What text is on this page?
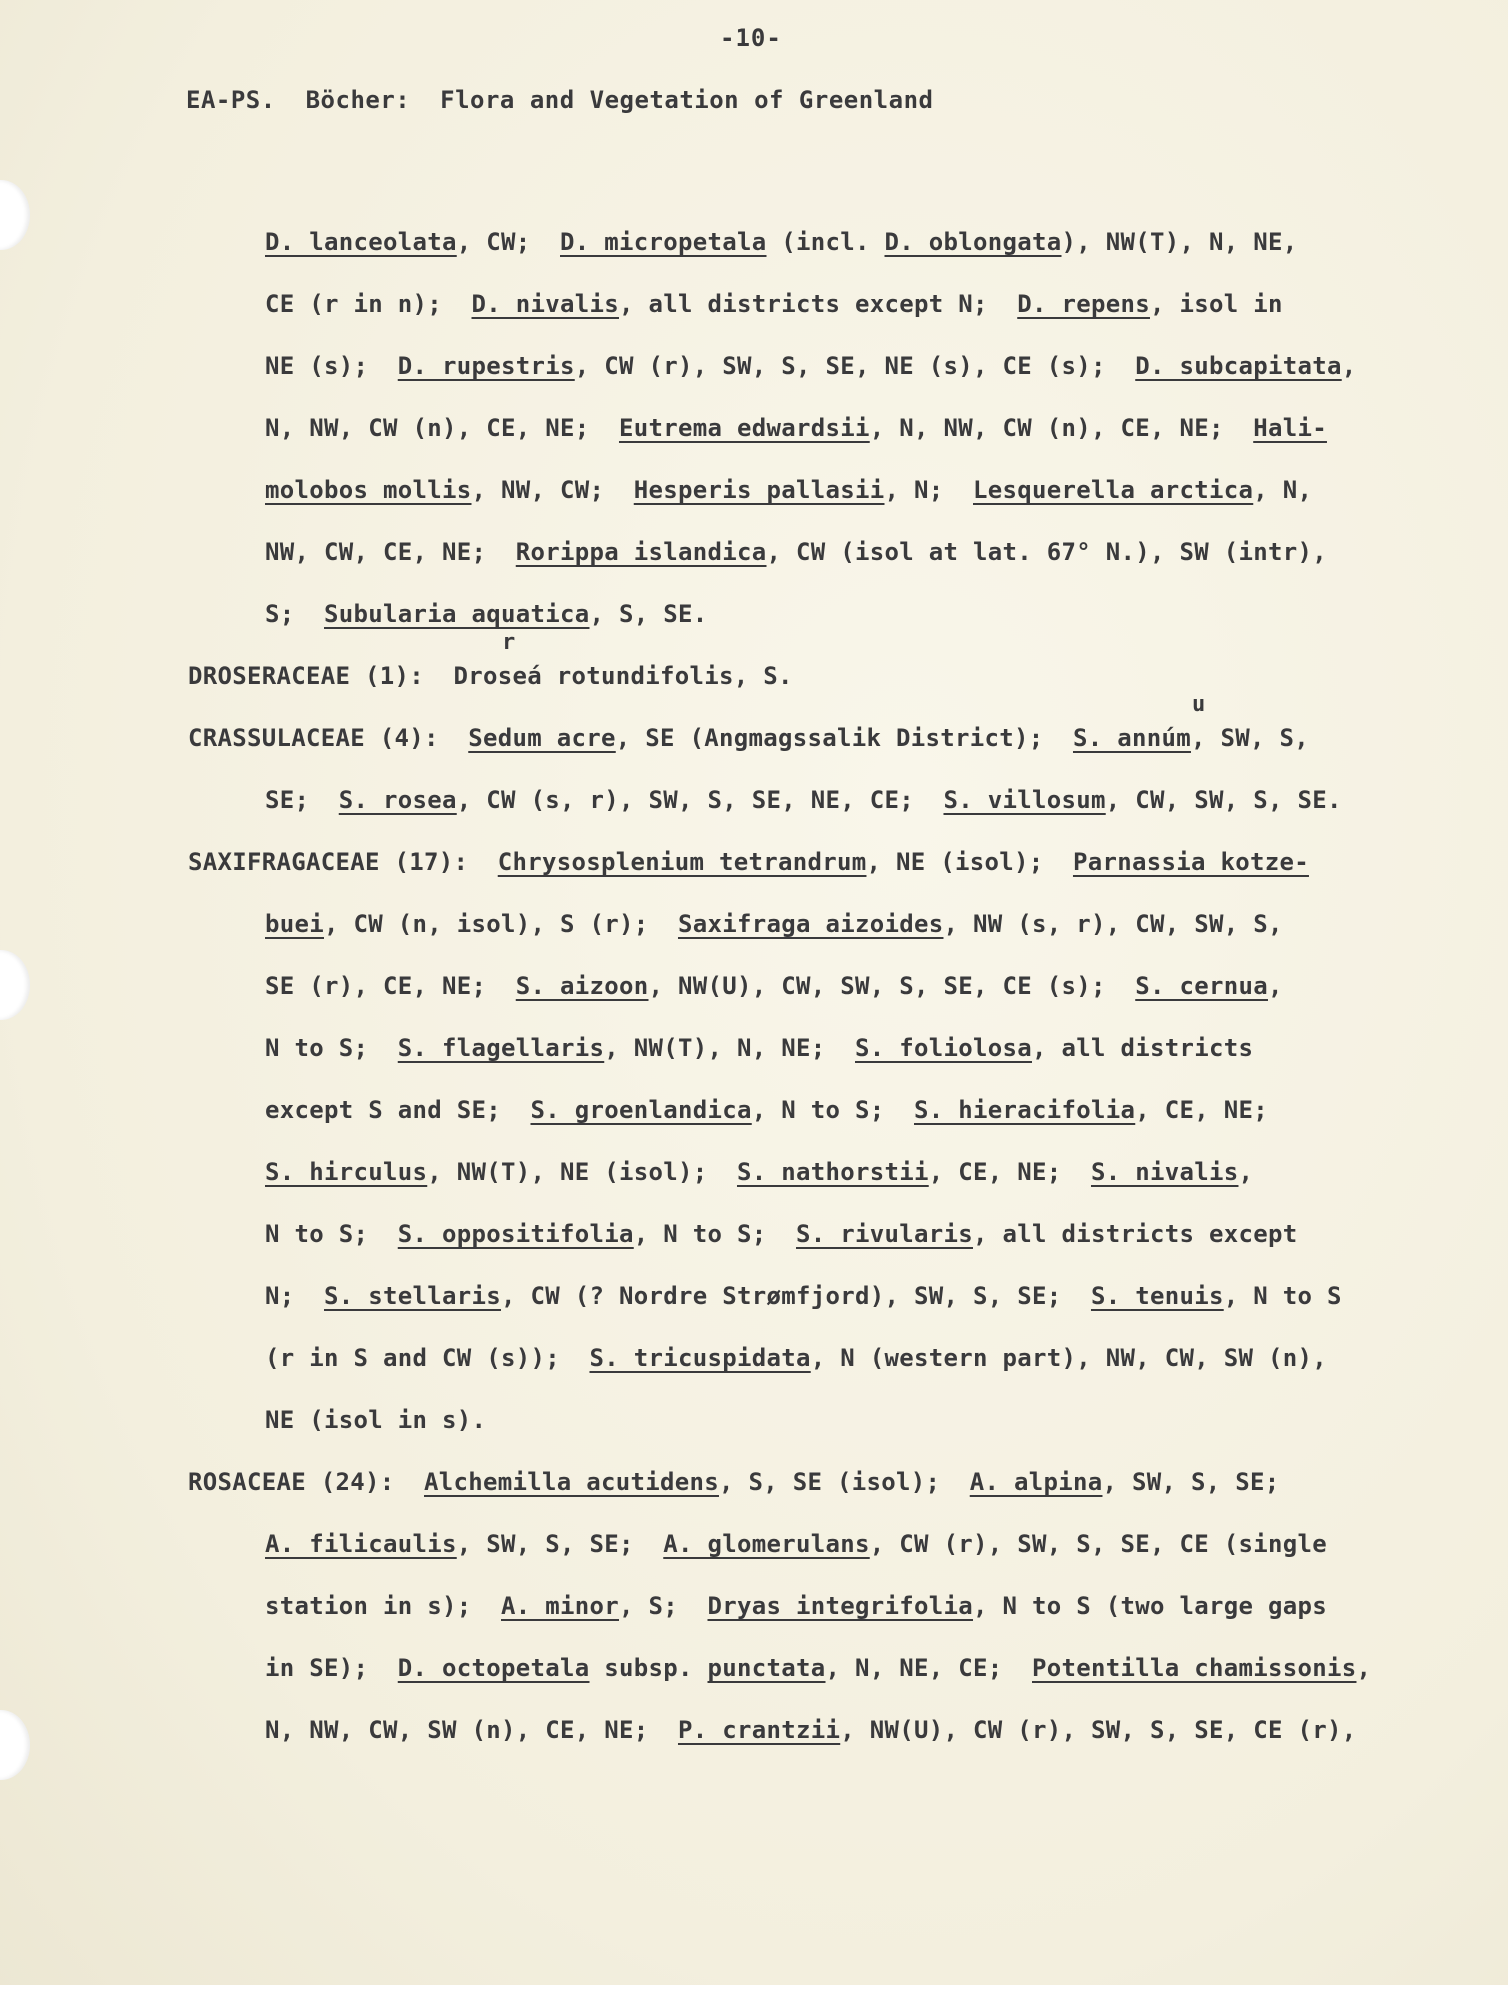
-10-
EA-PS.  Böcher:  Flora and Vegetation of Greenland
r
u
D. lanceolata, CW;  D. micropetala (incl. D. oblongata), NW(T), N, NE,
CE (r in n);  D. nivalis, all districts except N;  D. repens, isol in
NE (s);  D. rupestris, CW (r), SW, S, SE, NE (s), CE (s);  D. subcapitata,
N, NW, CW (n), CE, NE;  Eutrema edwardsii, N, NW, CW (n), CE, NE;  Hali-
molobos mollis, NW, CW;  Hesperis pallasii, N;  Lesquerella arctica, N,
NW, CW, CE, NE;  Rorippa islandica, CW (isol at lat. 67° N.), SW (intr),
S;  Subularia aquatica, S, SE.
DROSERACEAE (1):  Droseá rotundifolis, S.
CRASSULACEAE (4):  Sedum acre, SE (Angmagssalik District);  S. annúm, SW, S,
SE;  S. rosea, CW (s, r), SW, S, SE, NE, CE;  S. villosum, CW, SW, S, SE.
SAXIFRAGACEAE (17):  Chrysosplenium tetrandrum, NE (isol);  Parnassia kotze-
buei, CW (n, isol), S (r);  Saxifraga aizoides, NW (s, r), CW, SW, S,
SE (r), CE, NE;  S. aizoon, NW(U), CW, SW, S, SE, CE (s);  S. cernua,
N to S;  S. flagellaris, NW(T), N, NE;  S. foliolosa, all districts
except S and SE;  S. groenlandica, N to S;  S. hieracifolia, CE, NE;
S. hirculus, NW(T), NE (isol);  S. nathorstii, CE, NE;  S. nivalis,
N to S;  S. oppositifolia, N to S;  S. rivularis, all districts except
N;  S. stellaris, CW (? Nordre Strømfjord), SW, S, SE;  S. tenuis, N to S
(r in S and CW (s));  S. tricuspidata, N (western part), NW, CW, SW (n),
NE (isol in s).
ROSACEAE (24):  Alchemilla acutidens, S, SE (isol);  A. alpina, SW, S, SE;
A. filicaulis, SW, S, SE;  A. glomerulans, CW (r), SW, S, SE, CE (single
station in s);  A. minor, S;  Dryas integrifolia, N to S (two large gaps
in SE);  D. octopetala subsp. punctata, N, NE, CE;  Potentilla chamissonis,
N, NW, CW, SW (n), CE, NE;  P. crantzii, NW(U), CW (r), SW, S, SE, CE (r),
